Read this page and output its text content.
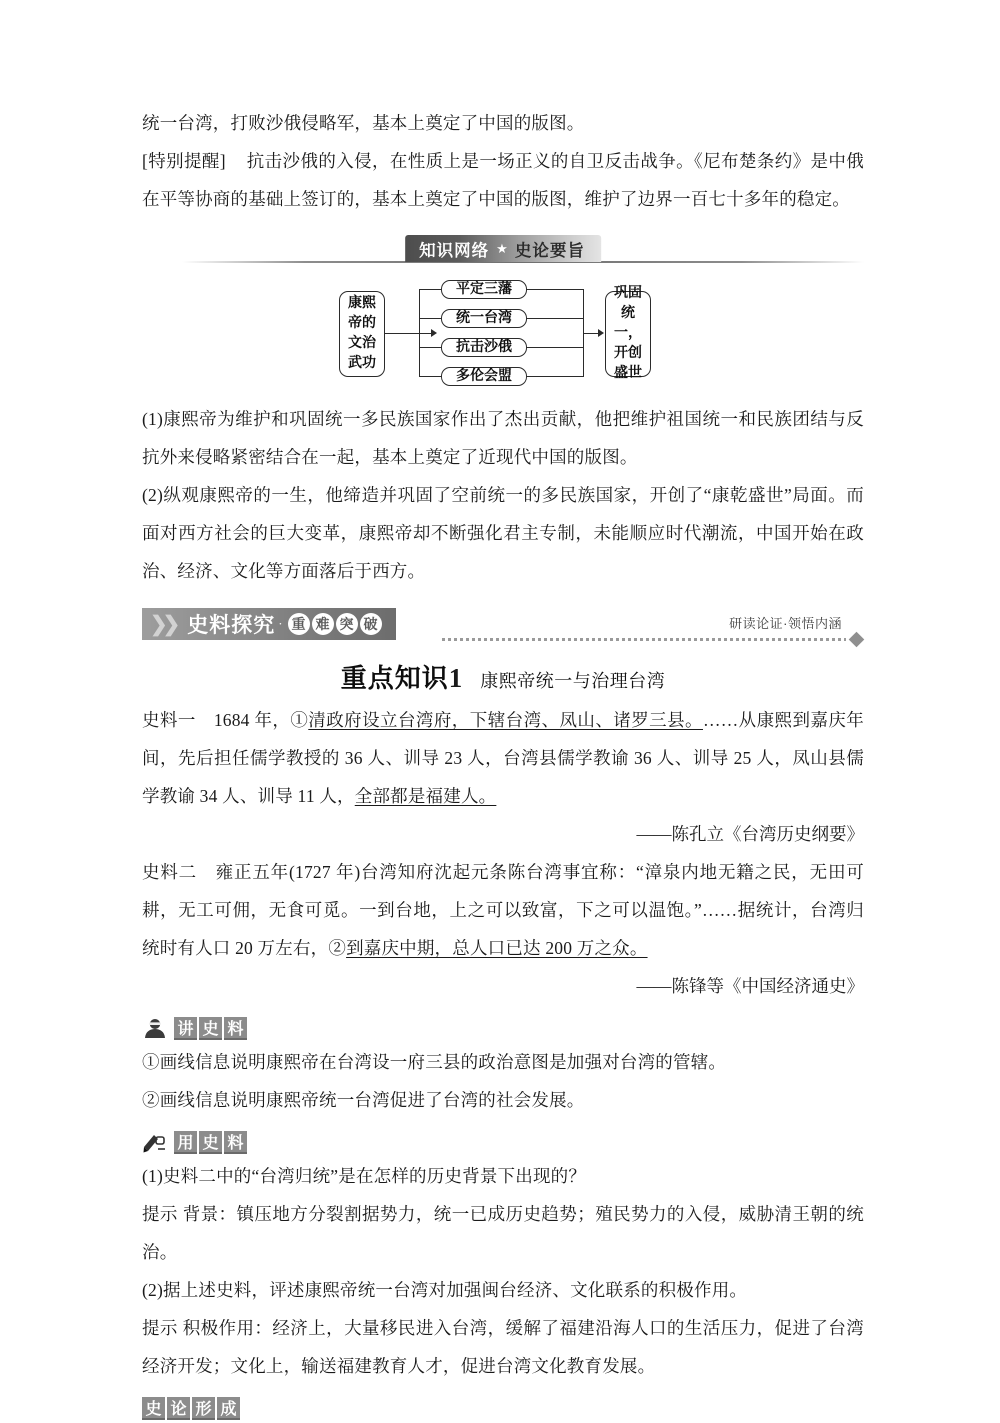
统一台湾，打败沙俄侵略军，基本上奠定了中国的版图。

[特别提醒] 抗击沙俄的入侵，在性质上是一场正义的自卫反击战争。《尼布楚条约》是中俄在平等协商的基础上签订的，基本上奠定了中国的版图，维护了边界一百七十多年的稳定。

知识网络 ★ 史论要旨
康熙
帝的
文治
武功
平定三藩
统一台湾
抗击沙俄
多伦会盟
巩固
统一，
开创
盛世

(1)康熙帝为维护和巩固统一多民族国家作出了杰出贡献，他把维护祖国统一和民族团结与反抗外来侵略紧密结合在一起，基本上奠定了近现代中国的版图。

(2)纵观康熙帝的一生，他缔造并巩固了空前统一的多民族国家，开创了“康乾盛世”局面。而面对西方社会的巨大变革，康熙帝却不断强化君主专制，未能顺应时代潮流，中国开始在政治、经济、文化等方面落后于西方。

❯❯ 史料探究 · 重 难 突 破	研读论证·领悟内涵
重点知识1 康熙帝统一与治理台湾

史料一 1684 年，①清政府设立台湾府，下辖台湾、凤山、诸罗三县。……从康熙到嘉庆年间，先后担任儒学教授的 36 人、训导 23 人，台湾县儒学教谕 36 人、训导 25 人，凤山县儒学教谕 34 人、训导 11 人，全部都是福建人。

——陈孔立《台湾历史纲要》

史料二 雍正五年(1727 年)台湾知府沈起元条陈台湾事宜称：“漳泉内地无籍之民，无田可耕，无工可佣，无食可觅。一到台地，上之可以致富，下之可以温饱。”……据统计，台湾归统时有人口 20 万左右，②到嘉庆中期，总人口已达 200 万之众。

——陈锋等《中国经济通史》

讲 史 料

①画线信息说明康熙帝在台湾设一府三县的政治意图是加强对台湾的管辖。

②画线信息说明康熙帝统一台湾促进了台湾的社会发展。

用 史 料

(1)史料二中的“台湾归统”是在怎样的历史背景下出现的？

提示 背景：镇压地方分裂割据势力，统一已成历史趋势；殖民势力的入侵，威胁清王朝的统治。

(2)据上述史料，评述康熙帝统一台湾对加强闽台经济、文化联系的积极作用。

提示 积极作用：经济上，大量移民进入台湾，缓解了福建沿海人口的生活压力，促进了台湾经济开发；文化上，输送福建教育人才，促进台湾文化教育发展。

史 论 形 成
